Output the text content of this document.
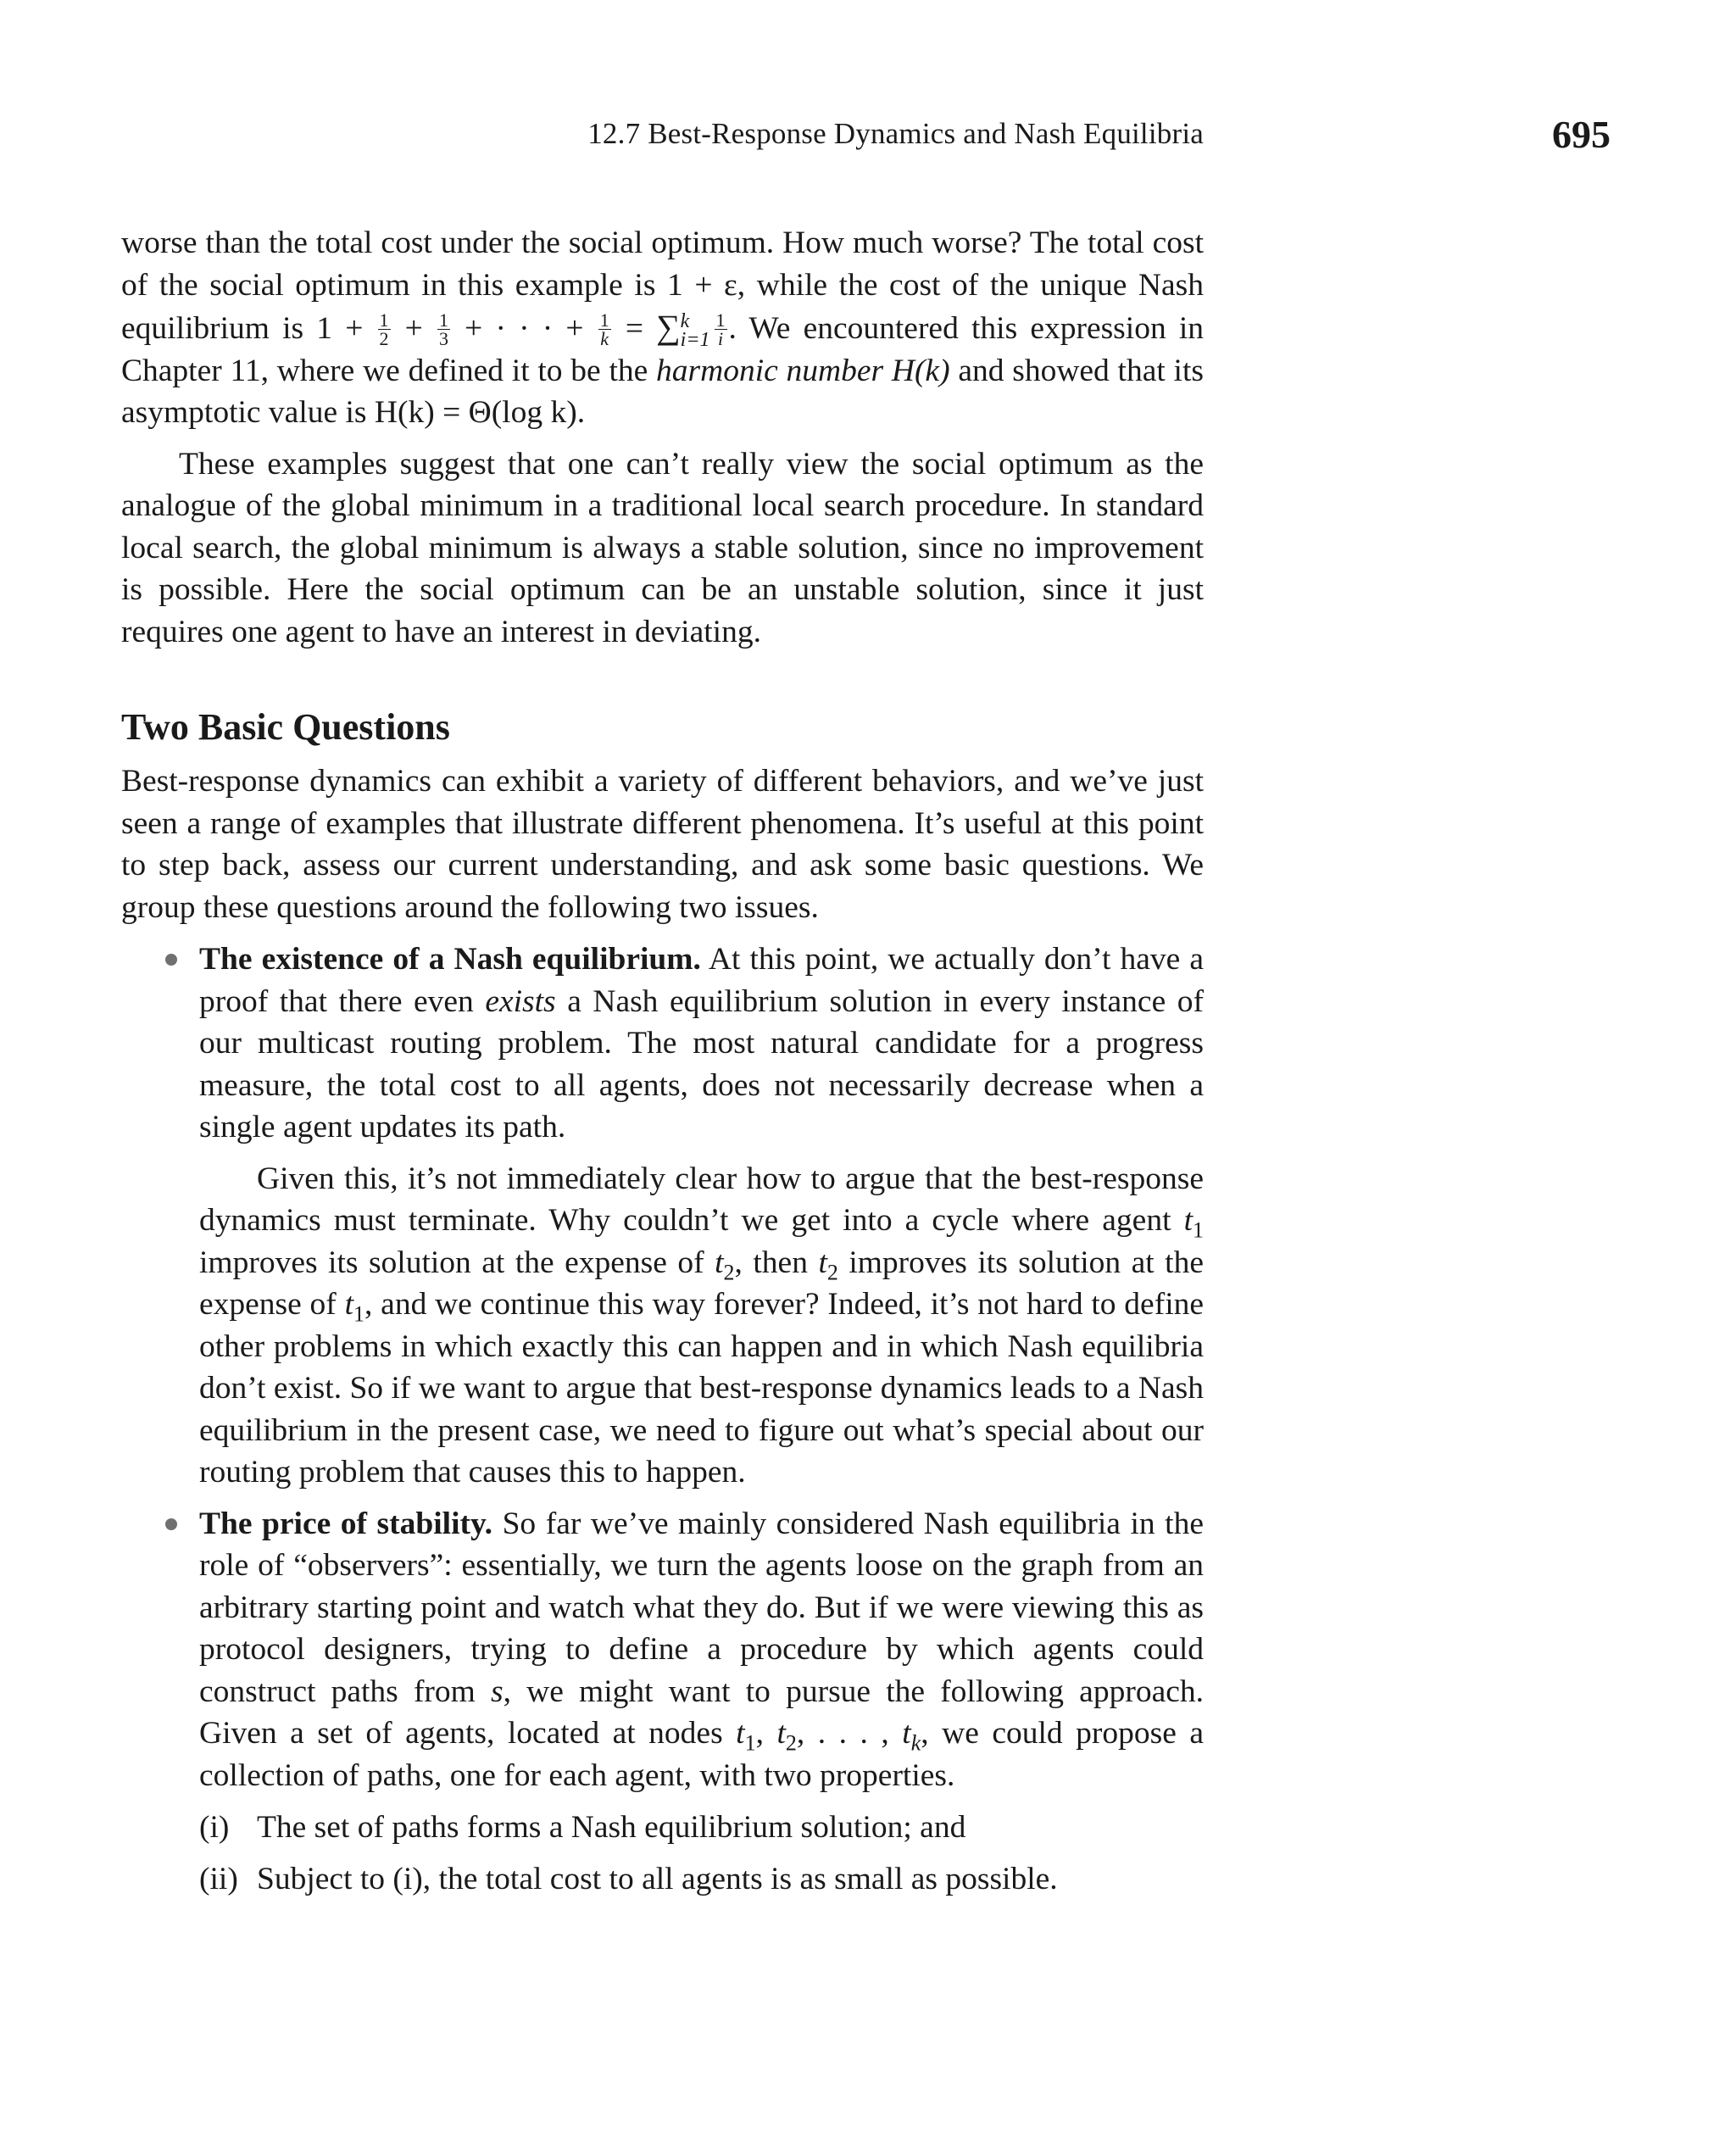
12.7 Best-Response Dynamics and Nash Equilibria	695

worse than the total cost under the social optimum. How much worse? The total cost of the social optimum in this example is 1 + ε, while the cost of the unique Nash equilibrium is $1 + \frac{1}{2} + \frac{1}{3}$ + · · · + $\frac{1}{k}$ = ∑ k
$i=1 \frac{1}{i}$ . We encountered this expression in Chapter 11, where we defined it to be the harmonic number H(k) and showed that its asymptotic value is H(k) = Θ(log k).

These examples suggest that one can’t really view the social optimum as the analogue of the global minimum in a traditional local search procedure. In standard local search, the global minimum is always a stable solution, since no improvement is possible. Here the social optimum can be an unstable solution, since it just requires one agent to have an interest in deviating.

Two Basic Questions

Best-response dynamics can exhibit a variety of different behaviors, and we’ve just seen a range of examples that illustrate different phenomena. It’s useful at this point to step back, assess our current understanding, and ask some basic questions. We group these questions around the following two issues.

The existence of a Nash equilibrium. At this point, we actually don’t have a proof that there even exists a Nash equilibrium solution in every instance of our multicast routing problem. The most natural candidate for a progress measure, the total cost to all agents, does not necessarily decrease when a single agent updates its path.

Given this, it’s not immediately clear how to argue that the best-response dynamics must terminate. Why couldn’t we get into a cycle where agent $t_1$ improves its solution at the expense of $t_2$, then $t_2$ improves its solution at the expense of $t_1$, and we continue this way forever? Indeed, it’s not hard to define other problems in which exactly this can happen and in which Nash equilibria don’t exist. So if we want to argue that best-response dynamics leads to a Nash equilibrium in the present case, we need to figure out what’s special about our routing problem that causes this to happen.

The price of stability. So far we’ve mainly considered Nash equilibria in the role of “observers”: essentially, we turn the agents loose on the graph from an arbitrary starting point and watch what they do. But if we were viewing this as protocol designers, trying to define a procedure by which agents could construct paths from s, we might want to pursue the following approach. Given a set of agents, located at nodes $t_1$, $t_2$, . . . , $t_k$, we could propose a collection of paths, one for each agent, with two properties.

(i) The set of paths forms a Nash equilibrium solution; and
(ii) Subject to (i), the total cost to all agents is as small as possible.
